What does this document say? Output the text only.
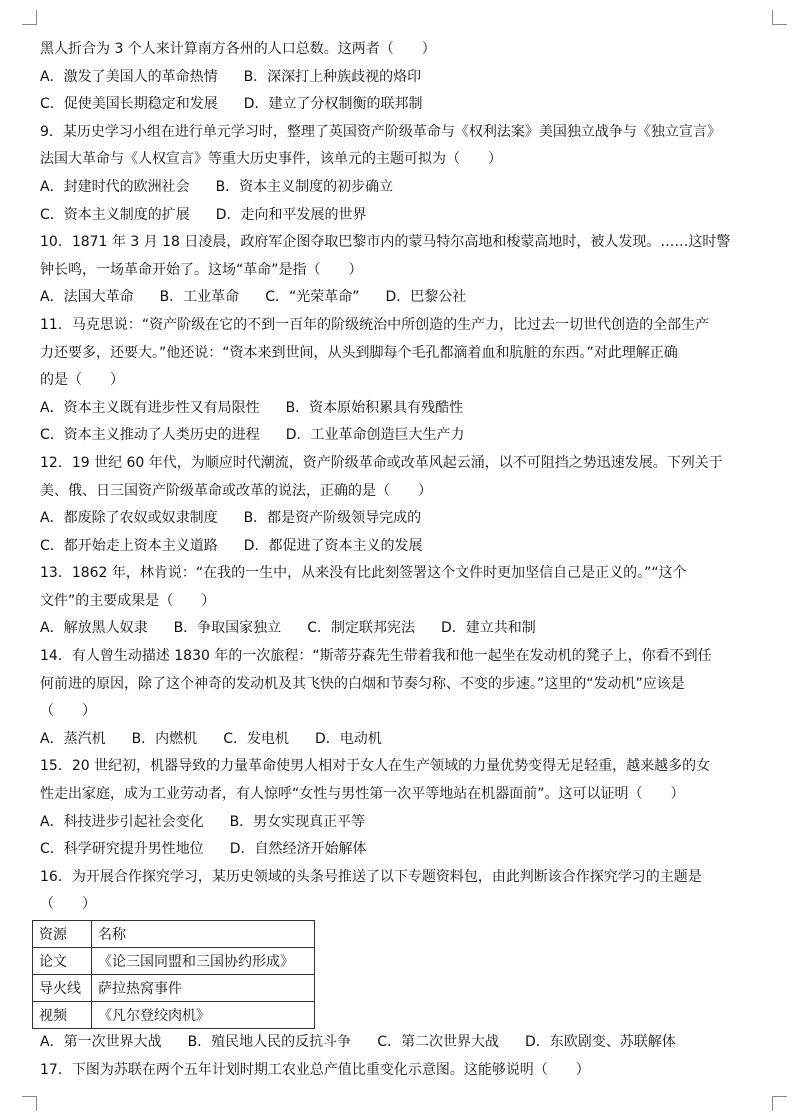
黑人折合为 3 个人来计算南方各州的人口总数。这两者（　　）
A．激发了美国人的革命热情 B．深深打上种族歧视的烙印
C．促使美国长期稳定和发展 D．建立了分权制衡的联邦制
9．某历史学习小组在进行单元学习时，整理了英国资产阶级革命与《权利法案》美国独立战争与《独立宣言》
法国大革命与《人权宣言》等重大历史事件，该单元的主题可拟为（　　）
A．封建时代的欧洲社会 B．资本主义制度的初步确立
C．资本主义制度的扩展 D．走向和平发展的世界
10．1871 年 3 月 18 日凌晨，政府军企图夺取巴黎市内的蒙马特尔高地和梭蒙高地时，被人发现。……这时警
钟长鸣，一场革命开始了。这场“革命”是指（　　）
A．法国大革命 B．工业革命 C．“光荣革命” D．巴黎公社
11．马克思说：“资产阶级在它的不到一百年的阶级统治中所创造的生产力，比过去一切世代创造的全部生产
力还要多，还要大。”他还说：“资本来到世间，从头到脚每个毛孔都滴着血和肮脏的东西。”对此理解正确
的是（　　）
A．资本主义既有进步性又有局限性 B．资本原始积累具有残酷性
C．资本主义推动了人类历史的进程 D．工业革命创造巨大生产力
12．19 世纪 60 年代，为顺应时代潮流，资产阶级革命或改革风起云涌，以不可阻挡之势迅速发展。下列关于
美、俄、日三国资产阶级革命或改革的说法，正确的是（　　）
A．都废除了农奴或奴隶制度 B．都是资产阶级领导完成的
C．都开始走上资本主义道路 D．都促进了资本主义的发展
13．1862 年，林肯说：“在我的一生中，从来没有比此刻签署这个文件时更加坚信自己是正义的。”“这个
文件”的主要成果是（　　）
A．解放黑人奴隶 B．争取国家独立 C．制定联邦宪法 D．建立共和制
14．有人曾生动描述 1830 年的一次旅程：“斯蒂芬森先生带着我和他一起坐在发动机的凳子上，你看不到任
何前进的原因，除了这个神奇的发动机及其飞快的白烟和节奏匀称、不变的步速。”这里的“发动机”应该是
（　　）
A．蒸汽机 B．内燃机 C．发电机 D．电动机
15．20 世纪初，机器导致的力量革命使男人相对于女人在生产领域的力量优势变得无足轻重，越来越多的女
性走出家庭，成为工业劳动者，有人惊呼“女性与男性第一次平等地站在机器面前”。这可以证明（　　）
A．科技进步引起社会变化 B．男女实现真正平等
C．科学研究提升男性地位 D．自然经济开始解体
16．为开展合作探究学习，某历史领域的头条号推送了以下专题资料包，由此判断该合作探究学习的主题是
（　　）
资源	名称
论文	《论三国同盟和三国协约形成》
导火线	萨拉热窝事件
视频	《凡尔登绞肉机》
A．第一次世界大战 B．殖民地人民的反抗斗争 C．第二次世界大战 D．东欧剧变、苏联解体
17．下图为苏联在两个五年计划时期工农业总产值比重变化示意图。这能够说明（　　）
